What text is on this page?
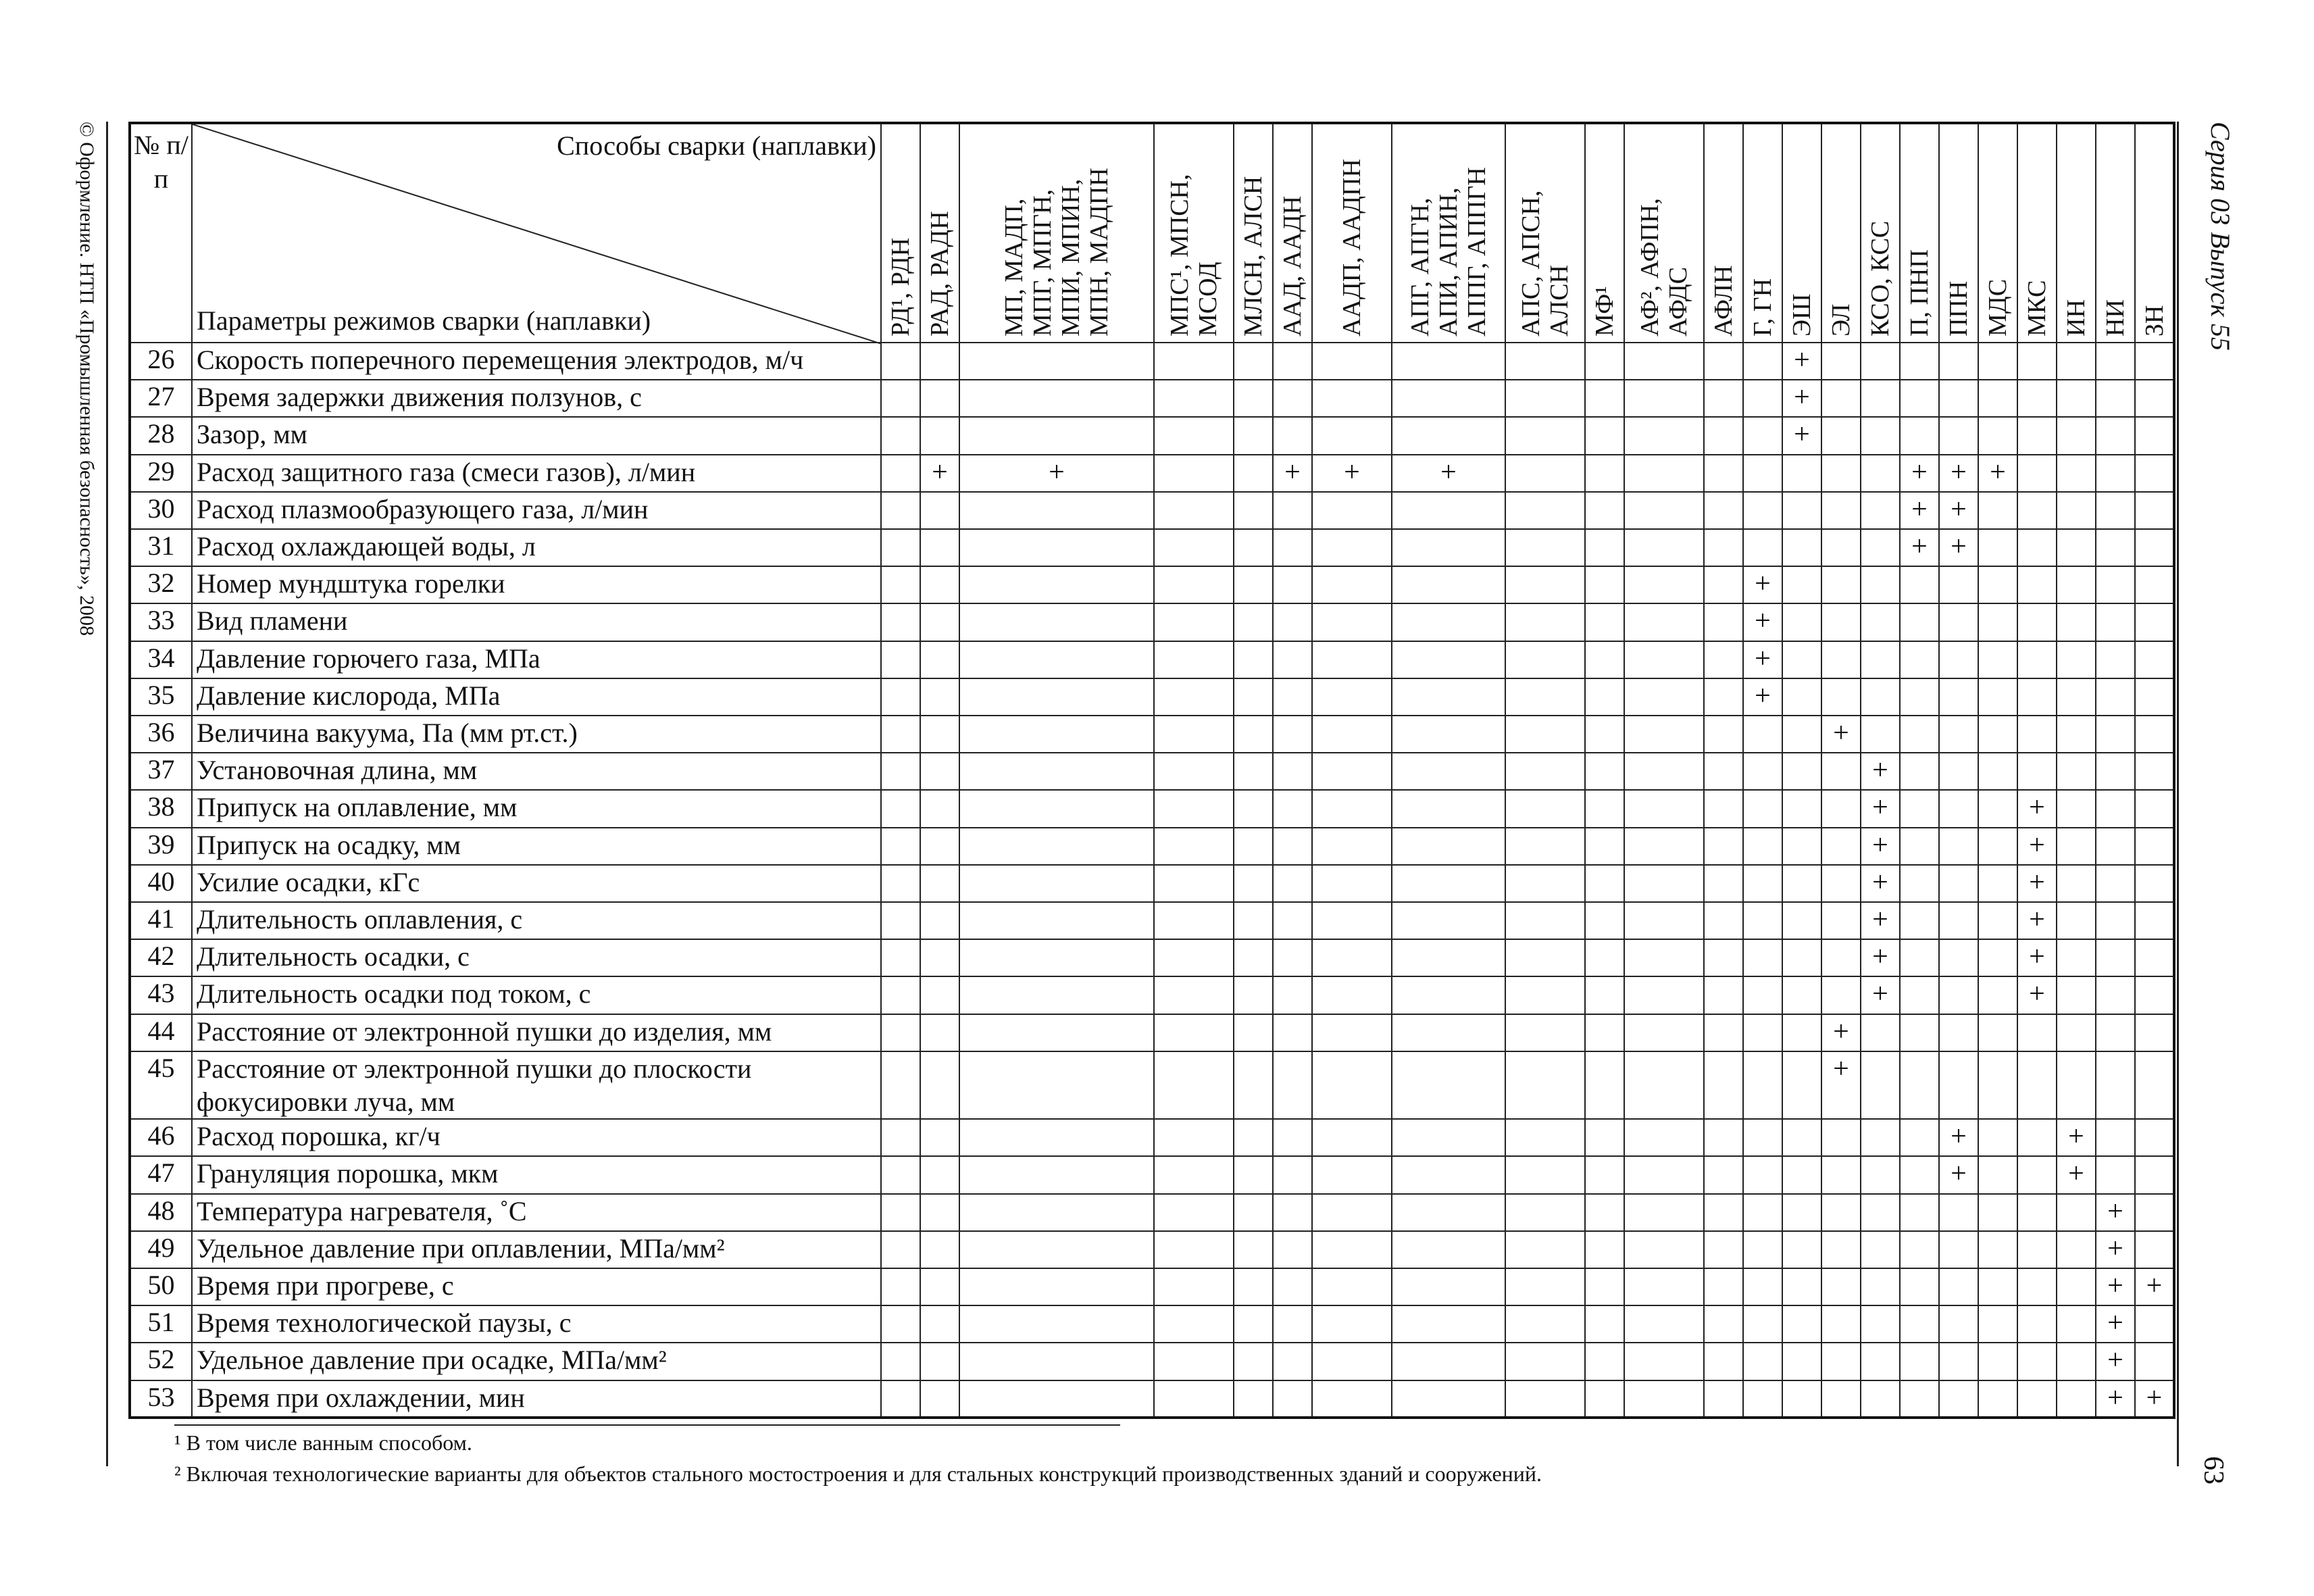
© Оформление. НТП «Промышленная безопасность», 2008	Серия 03 Выпуск 55
63
№ п/п	Способы сварки (наплавки)
Параметры режимов сварки (наплавки)	РД¹, РДН	РАД, РАДН	МП, МАДП, МПГ, МПГН, МПИ, МПИН, МПН, МАДПН	МПС¹, МПСН, МСОД	МЛСН, АЛСН	ААД, ААДН	ААДП, ААДПН	АПГ, АПГН, АПИ, АПИН, АППГ, АППГН	АПС, АПСН, АЛСН	МФ¹	АФ², АФПН, АФДС	АФЛН	Г, ГН	ЭШ	ЭЛ	КСО, КСС	П, ПНП	ППН	МДС	МКС	ИН	НИ	ЗН

26	Скорость поперечного перемещения электродов, м/ч														+									
27	Время задержки движения ползунов, с														+									
28	Зазор, мм														+									
29	Расход защитного газа (смеси газов), л/мин		+	+			+	+	+									+	+	+				
30	Расход плазмообразующего газа, л/мин																	+	+					
31	Расход охлаждающей воды, л																	+	+					
32	Номер мундштука горелки													+										
33	Вид пламени													+										
34	Давление горючего газа, МПа													+										
35	Давление кислорода, МПа													+										
36	Величина вакуума, Па (мм рт.ст.)															+								
37	Установочная длина, мм																+							
38	Припуск на оплавление, мм																+				+			
39	Припуск на осадку, мм																+				+			
40	Усилие осадки, кГс																+				+			
41	Длительность оплавления, с																+				+			
42	Длительность осадки, с																+				+			
43	Длительность осадки под током, с																+				+			
44	Расстояние от электронной пушки до изделия, мм															+								
45	Расстояние от электронной пушки до плоскости
фокусировки луча, мм															+								
46	Расход порошка, кг/ч																		+			+		
47	Грануляция порошка, мкм																		+			+		
48	Температура нагревателя, ˚С																						+	
49	Удельное давление при оплавлении, МПа/мм²																						+	
50	Время при прогреве, с																						+	+
51	Время технологической паузы, с																						+	
52	Удельное давление при осадке, МПа/мм²																						+	
53	Время при охлаждении, мин																						+	+
¹ В том числе ванным способом.
² Включая технологические варианты для объектов стального мостостроения и для стальных конструкций производственных зданий и сооружений.
